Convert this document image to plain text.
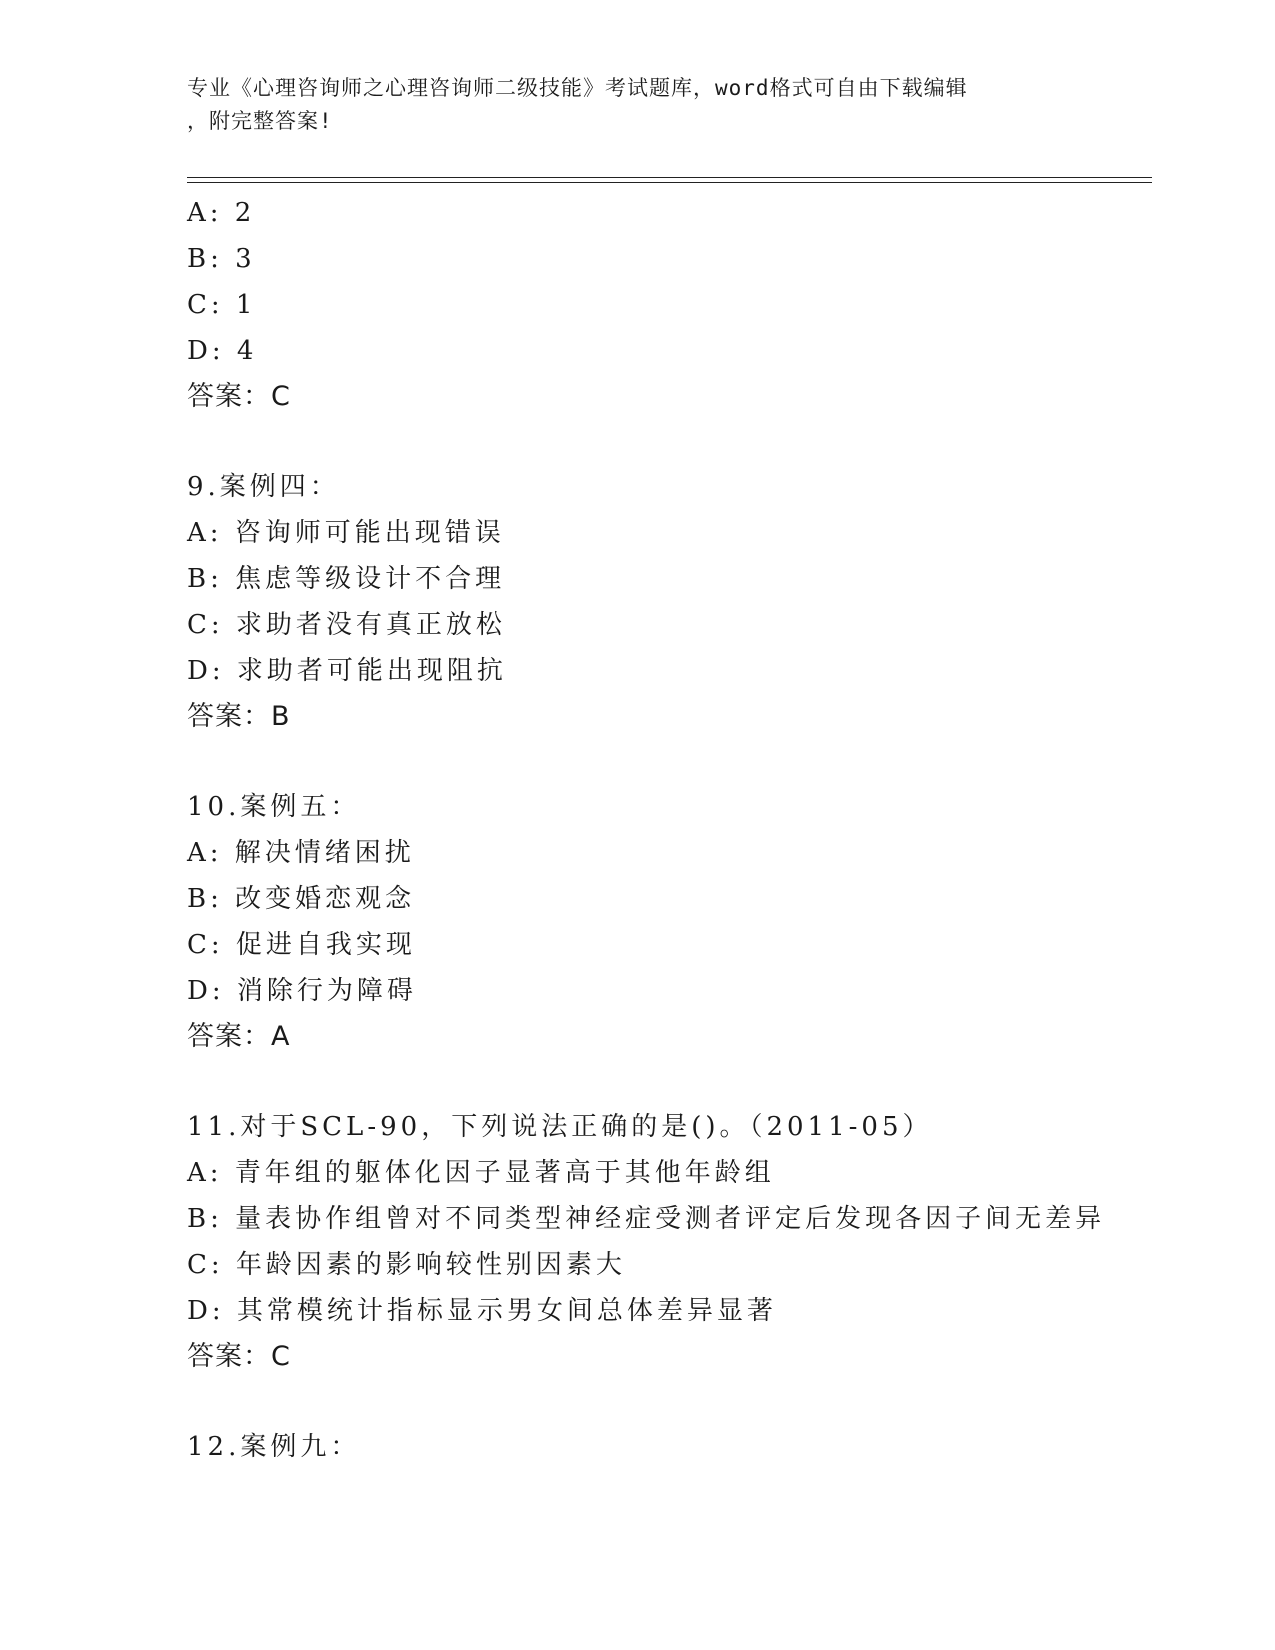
专业《心理咨询师之心理咨询师二级技能》考试题库，word格式可自由下载编辑
，附完整答案!
A: 2
B: 3
C: 1
D: 4
答案：C
9.案例四：
A: 咨询师可能出现错误
B: 焦虑等级设计不合理
C: 求助者没有真正放松
D: 求助者可能出现阻抗
答案：B
10.案例五：
A: 解决情绪困扰
B: 改变婚恋观念
C: 促进自我实现
D: 消除行为障碍
答案：A
11.对于SCL-90，下列说法正确的是()。（2011-05）
A: 青年组的躯体化因子显著高于其他年龄组
B: 量表协作组曾对不同类型神经症受测者评定后发现各因子间无差异
C: 年龄因素的影响较性别因素大
D: 其常模统计指标显示男女间总体差异显著
答案：C
12.案例九：
